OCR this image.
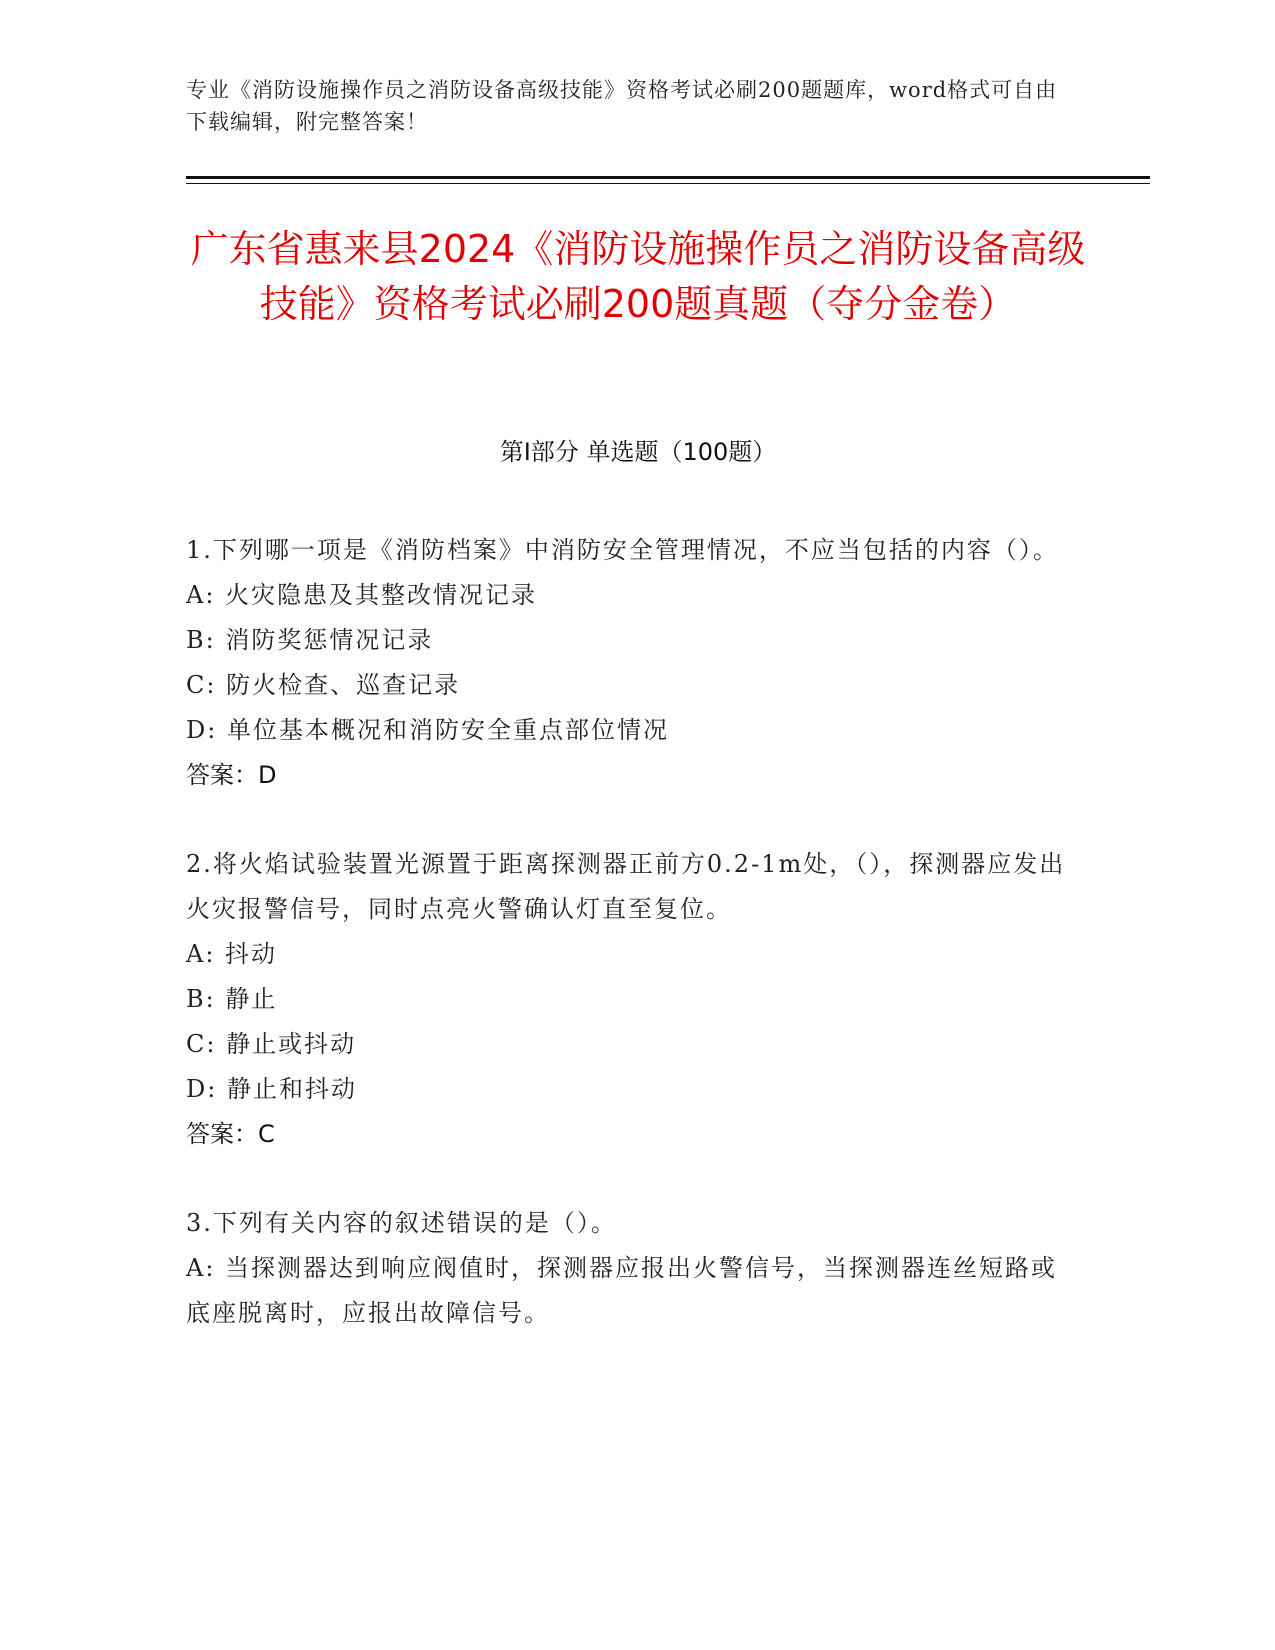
专业《消防设施操作员之消防设备高级技能》资格考试必刷200题题库，word格式可自由下载编辑，附完整答案！
广东省惠来县2024《消防设施操作员之消防设备高级技能》资格考试必刷200题真题（夺分金卷）
第Ⅰ部分 单选题（100题）
1.下列哪一项是《消防档案》中消防安全管理情况，不应当包括的内容（）。
A: 火灾隐患及其整改情况记录
B: 消防奖惩情况记录
C: 防火检查、巡查记录
D: 单位基本概况和消防安全重点部位情况
答案：D
2.将火焰试验装置光源置于距离探测器正前方0.2-1m处，（），探测器应发出火灾报警信号，同时点亮火警确认灯直至复位。
A: 抖动
B: 静止
C: 静止或抖动
D: 静止和抖动
答案：C
3.下列有关内容的叙述错误的是（）。
A: 当探测器达到响应阀值时，探测器应报出火警信号，当探测器连丝短路或底座脱离时，应报出故障信号。
